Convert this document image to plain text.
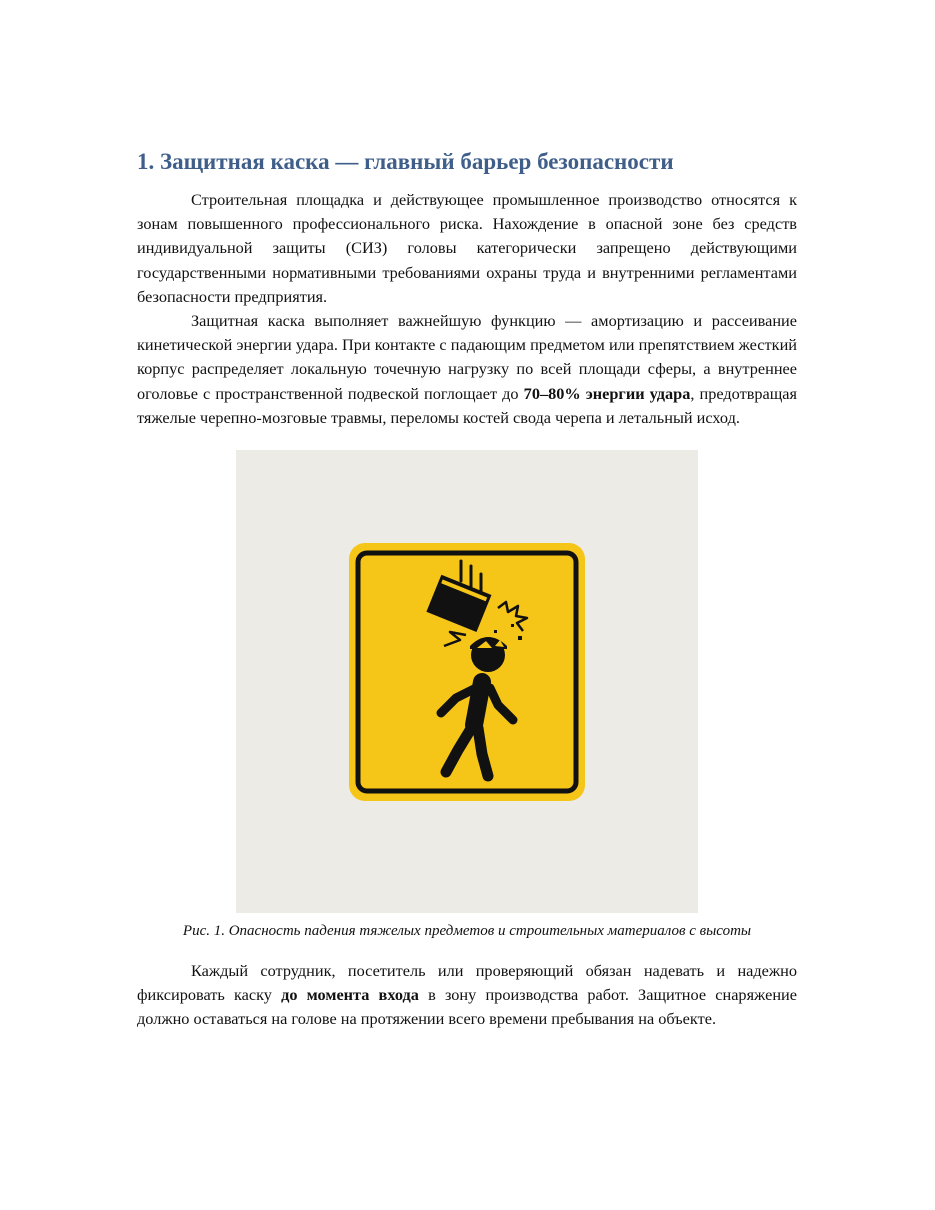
1. Защитная каска — главный барьер безопасности

Строительная площадка и действующее промышленное производство относятся к зонам повышенного профессионального риска. Нахождение в опасной зоне без средств индивидуальной защиты (СИЗ) головы категорически запрещено действующими государственными нормативными требованиями охраны труда и внутренними регламентами безопасности предприятия.

Защитная каска выполняет важнейшую функцию — амортизацию и рассеивание кинетической энергии удара. При контакте с падающим предметом или препятствием жесткий корпус распределяет локальную точечную нагрузку по всей площади сферы, а внутреннее оголовье с пространственной подвеской поглощает до 70–80% энергии удара, предотвращая тяжелые черепно-мозговые травмы, переломы костей свода черепа и летальный исход.

Рис. 1. Опасность падения тяжелых предметов и строительных материалов с высоты

Каждый сотрудник, посетитель или проверяющий обязан надевать и надежно фиксировать каску до момента входа в зону производства работ. Защитное снаряжение должно оставаться на голове на протяжении всего времени пребывания на объекте.
